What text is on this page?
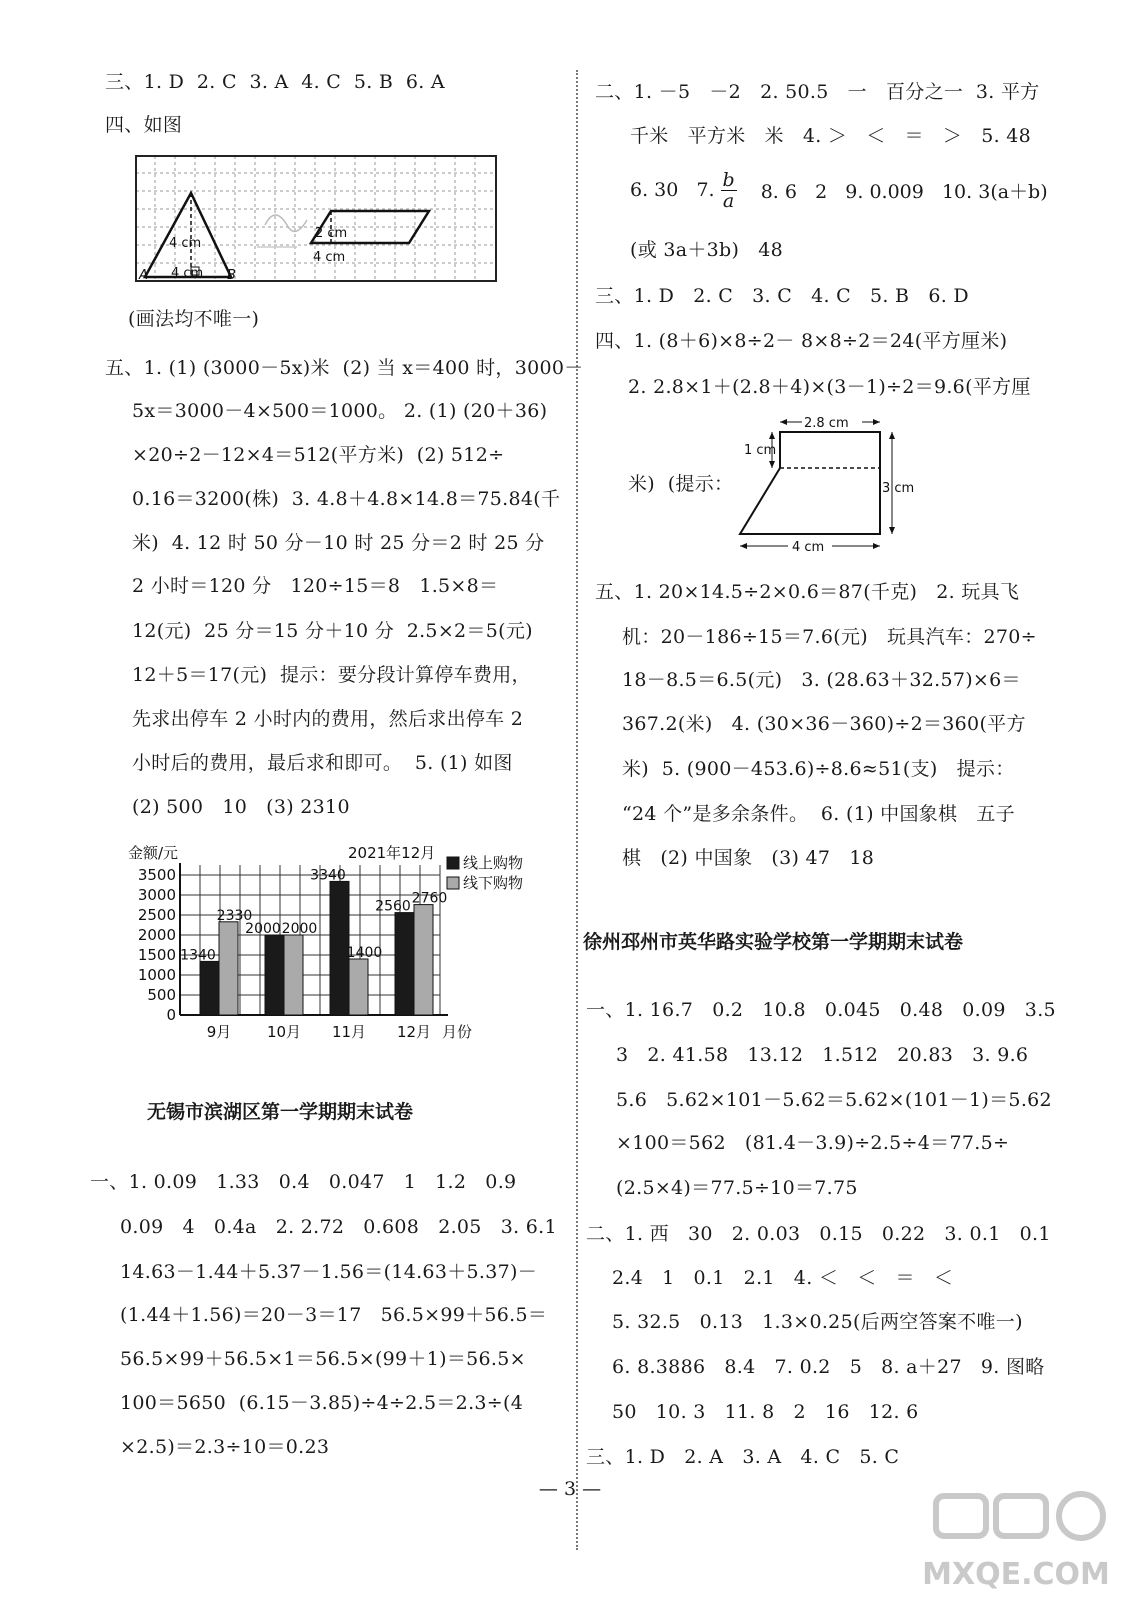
三、1. D  2. C  3. A  4. C  5. B  6. A
四、如图
4 cm
4 cm
2 cm
4 cm
A	B
(画法均不唯一)
五、1. (1) (3000－5x)米  (2) 当 x＝400 时，3000－
5x＝3000－4×500＝1000。 2. (1) (20＋36)
×20÷2－12×4＝512(平方米)  (2) 512÷
0.16＝3200(株)  3. 4.8＋4.8×14.8＝75.84(千
米)  4. 12 时 50 分－10 时 25 分＝2 时 25 分
2 小时＝120 分   120÷15＝8   1.5×8＝
12(元)  25 分＝15 分＋10 分  2.5×2＝5(元)
12＋5＝17(元)  提示：要分段计算停车费用，
先求出停车 2 小时内的费用，然后求出停车 2
小时后的费用，最后求和即可。  5. (1) 如图
(2) 500   10   (3) 2310
0
500
1000
1500
2000
2500
3000
3500
金额/元	2021年12月
月份
1340
2330
9月
2000 2000
10月
3340
1400
11月
2560 2760
12月
线上购物
线下购物
无锡市滨湖区第一学期期末试卷
一、1. 0.09   1.33   0.4   0.047   1   1.2   0.9
0.09   4   0.4a   2. 2.72   0.608   2.05   3. 6.1
14.63－1.44＋5.37－1.56＝(14.63＋5.37)－
(1.44＋1.56)＝20－3＝17   56.5×99＋56.5＝
56.5×99＋56.5×1＝56.5×(99＋1)＝56.5×
100＝5650  (6.15－3.85)÷4÷2.5＝2.3÷(4
×2.5)＝2.3÷10＝0.23
二、1. －5   －2   2. 50.5   一   百分之一  3. 平方
千米   平方米   米   4. ＞   ＜   ＝   ＞   5. 48
6. 30   7. b
a 8. 6   2   9. 0.009   10. 3(a＋b)
(或 3a＋3b)   48
三、1. D   2. C   3. C   4. C   5. B   6. D
四、1. (8＋6)×8÷2－ 8×8÷2＝24(平方厘米)
2. 2.8×1＋(2.8＋4)×(3－1)÷2＝9.6(平方厘
米)  (提示：
2.8 cm
1 cm
3 cm
4 cm
五、1. 20×14.5÷2×0.6＝87(千克)   2. 玩具飞
机：20－186÷15＝7.6(元)   玩具汽车：270÷
18－8.5＝6.5(元)   3. (28.63＋32.57)×6＝
367.2(米)   4. (30×36－360)÷2＝360(平方
米)  5. (900－453.6)÷8.6≈51(支)   提示：
“24 个”是多余条件。  6. (1) 中国象棋   五子
棋   (2) 中国象   (3) 47   18
徐州邳州市英华路实验学校第一学期期末试卷
一、1. 16.7   0.2   10.8   0.045   0.48   0.09   3.5
3   2. 41.58   13.12   1.512   20.83   3. 9.6
5.6   5.62×101－5.62＝5.62×(101－1)＝5.62
×100＝562   (81.4－3.9)÷2.5÷4＝77.5÷
(2.5×4)＝77.5÷10＝7.75
二、1. 西   30   2. 0.03   0.15   0.22   3. 0.1   0.1
2.4   1   0.1   2.1   4. ＜   ＜   ＝   ＜
5. 32.5   0.13   1.3×0.25(后两空答案不唯一)
6. 8.3886   8.4   7. 0.2   5   8. a＋27   9. 图略
50   10. 3   11. 8   2   16   12. 6
三、1. D   2. A   3. A   4. C   5. C
— 3 —
MXQE.COM
